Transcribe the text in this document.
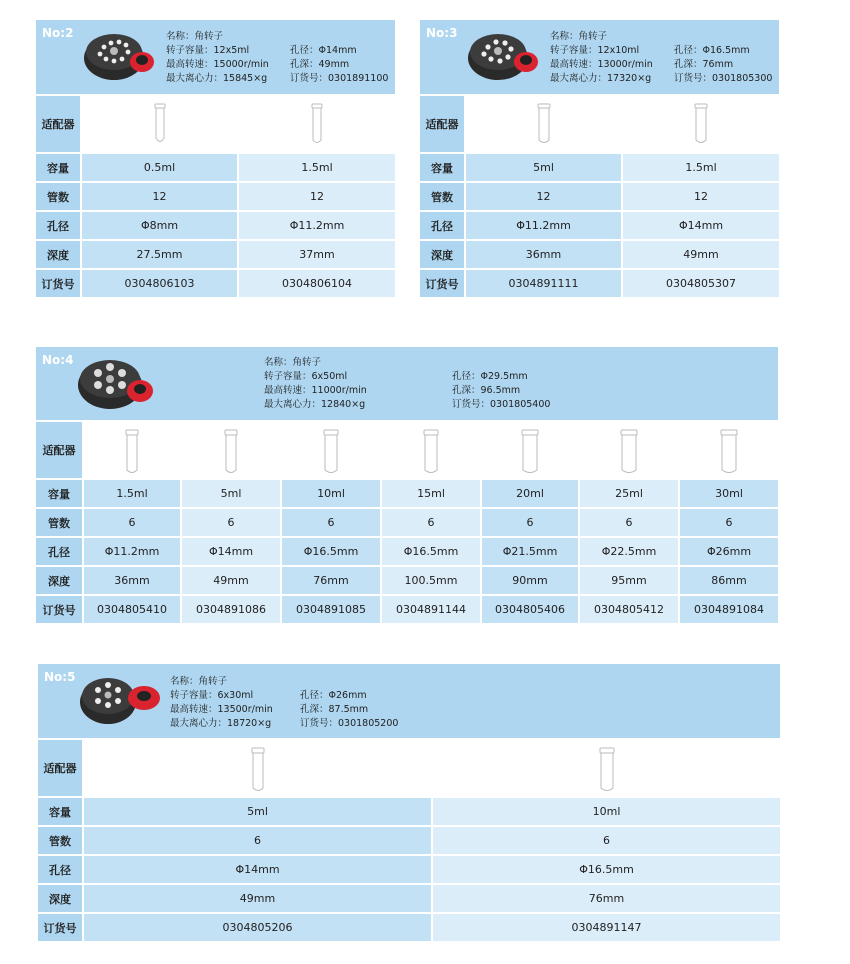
No:2	名称：角转子
转子容量：12x5ml
最高转速：15000r/min
最大离心力：15845×g
孔径：Φ14mm
孔深：49mm
订货号：0301891100
适配器
容量	0.5ml	1.5ml
管数	12	12
孔径	Φ8mm	Φ11.2mm
深度	27.5mm	37mm
订货号	0304806103	0304806104
No:3	名称：角转子
转子容量：12x10ml
最高转速：13000r/min
最大离心力：17320×g
孔径：Φ16.5mm
孔深：76mm
订货号：0301805300
适配器
容量	5ml	1.5ml
管数	12	12
孔径	Φ11.2mm	Φ14mm
深度	36mm	49mm
订货号	0304891111	0304805307
No:4	名称：角转子
转子容量：6x50ml
最高转速：11000r/min
最大离心力：12840×g
孔径：Φ29.5mm
孔深：96.5mm
订货号：0301805400
适配器
容量	1.5ml	5ml	10ml	15ml	20ml	25ml	30ml
管数	6	6	6	6	6	6	6
孔径	Φ11.2mm	Φ14mm	Φ16.5mm	Φ16.5mm	Φ21.5mm	Φ22.5mm	Φ26mm
深度	36mm	49mm	76mm	100.5mm	90mm	95mm	86mm
订货号	0304805410	0304891086	0304891085	0304891144	0304805406	0304805412	0304891084
No:5	名称：角转子
转子容量：6x30ml
最高转速：13500r/min
最大离心力：18720×g
孔径：Φ26mm
孔深：87.5mm
订货号：0301805200
适配器
容量	5ml	10ml
管数	6	6
孔径	Φ14mm	Φ16.5mm
深度	49mm	76mm
订货号	0304805206	0304891147
